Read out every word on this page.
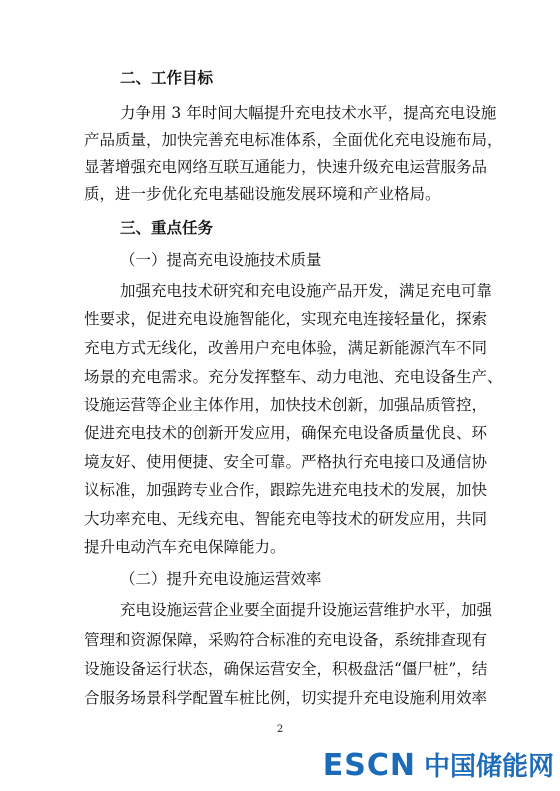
二、工作目标
力争用 3 年时间大幅提升充电技术水平，提高充电设施
产品质量，加快完善充电标准体系，全面优化充电设施布局，
显著增强充电网络互联互通能力，快速升级充电运营服务品
质，进一步优化充电基础设施发展环境和产业格局。
三、重点任务
（一）提高充电设施技术质量
加强充电技术研究和充电设施产品开发，满足充电可靠
性要求，促进充电设施智能化，实现充电连接轻量化，探索
充电方式无线化，改善用户充电体验，满足新能源汽车不同
场景的充电需求。充分发挥整车、动力电池、充电设备生产、
设施运营等企业主体作用，加快技术创新，加强品质管控，
促进充电技术的创新开发应用，确保充电设备质量优良、环
境友好、使用便捷、安全可靠。严格执行充电接口及通信协
议标准，加强跨专业合作，跟踪先进充电技术的发展，加快
大功率充电、无线充电、智能充电等技术的研发应用，共同
提升电动汽车充电保障能力。
（二）提升充电设施运营效率
充电设施运营企业要全面提升设施运营维护水平，加强
管理和资源保障，采购符合标准的充电设备，系统排查现有
设施设备运行状态，确保运营安全，积极盘活“僵尸桩”，结
合服务场景科学配置车桩比例，切实提升充电设施利用效率
2
ESCN 中国储能网
